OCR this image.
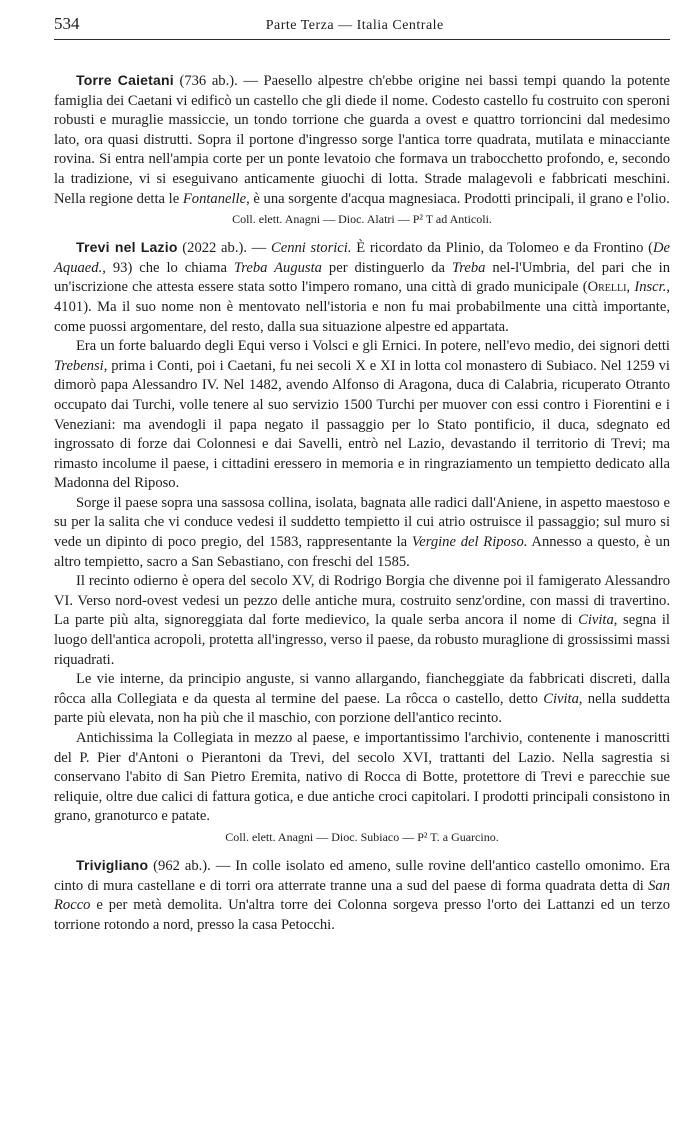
534	Parte Terza — Italia Centrale

Torre Caietani (736 ab.). — Paesello alpestre ch'ebbe origine nei bassi tempi quando la potente famiglia dei Caetani vi edificò un castello che gli diede il nome. Codesto castello fu costruito con speroni robusti e muraglie massiccie, un tondo torrione che guarda a ovest e quattro torrioncini dal medesimo lato, ora quasi distrutti. Sopra il portone d'ingresso sorge l'antica torre quadrata, mutilata e minacciante rovina. Si entra nell'ampia corte per un ponte levatoio che formava un trabocchetto profondo, e, secondo la tradizione, vi si eseguivano anticamente giuochi di lotta. Strade malagevoli e fabbricati meschini. Nella regione detta le Fontanelle, è una sorgente d'acqua magnesiaca. Prodotti principali, il grano e l'olio.

Coll. elett. Anagni — Dioc. Alatri — P² T ad Anticoli.

Trevi nel Lazio (2022 ab.). — Cenni storici. È ricordato da Plinio, da Tolomeo e da Frontino (De Aquaed., 93) che lo chiama Treba Augusta per distinguerlo da Treba nel-l'Umbria, del pari che in un'iscrizione che attesta essere stata sotto l'impero romano, una città di grado municipale (Orelli, Inscr., 4101). Ma il suo nome non è mentovato nell'istoria e non fu mai probabilmente una città importante, come puossi argomentare, del resto, dalla sua situazione alpestre ed appartata.

Era un forte baluardo degli Equi verso i Volsci e gli Ernici. In potere, nell'evo medio, dei signori detti Trebensi, prima i Conti, poi i Caetani, fu nei secoli X e XI in lotta col monastero di Subiaco. Nel 1259 vi dimorò papa Alessandro IV. Nel 1482, avendo Alfonso di Aragona, duca di Calabria, ricuperato Otranto occupato dai Turchi, volle tenere al suo servizio 1500 Turchi per muover con essi contro i Fiorentini e i Veneziani: ma avendogli il papa negato il passaggio per lo Stato pontificio, il duca, sdegnato ed ingrossato di forze dai Colonnesi e dai Savelli, entrò nel Lazio, devastando il territorio di Trevi; ma rimasto incolume il paese, i cittadini eressero in memoria e in ringraziamento un tempietto dedicato alla Madonna del Riposo.

Sorge il paese sopra una sassosa collina, isolata, bagnata alle radici dall'Aniene, in aspetto maestoso e su per la salita che vi conduce vedesi il suddetto tempietto il cui atrio ostruisce il passaggio; sul muro si vede un dipinto di poco pregio, del 1583, rappresentante la Vergine del Riposo. Annesso a questo, è un altro tempietto, sacro a San Sebastiano, con freschi del 1585.

Il recinto odierno è opera del secolo XV, di Rodrigo Borgia che divenne poi il famigerato Alessandro VI. Verso nord-ovest vedesi un pezzo delle antiche mura, costruito senz'ordine, con massi di travertino. La parte più alta, signoreggiata dal forte medievico, la quale serba ancora il nome di Civita, segna il luogo dell'antica acropoli, protetta all'ingresso, verso il paese, da robusto muraglione di grossissimi massi riquadrati.

Le vie interne, da principio anguste, si vanno allargando, fiancheggiate da fabbricati discreti, dalla rôcca alla Collegiata e da questa al termine del paese. La rôcca o castello, detto Civita, nella suddetta parte più elevata, non ha più che il maschio, con porzione dell'antico recinto.

Antichissima la Collegiata in mezzo al paese, e importantissimo l'archivio, contenente i manoscritti del P. Pier d'Antoni o Pierantoni da Trevi, del secolo XVI, trattanti del Lazio. Nella sagrestia si conservano l'abito di San Pietro Eremita, nativo di Rocca di Botte, protettore di Trevi e parecchie sue reliquie, oltre due calici di fattura gotica, e due antiche croci capitolari. I prodotti principali consistono in grano, granoturco e patate.

Coll. elett. Anagni — Dioc. Subiaco — P² T. a Guarcino.

Trivigliano (962 ab.). — In colle isolato ed ameno, sulle rovine dell'antico castello omonimo. Era cinto di mura castellane e di torri ora atterrate tranne una a sud del paese di forma quadrata detta di San Rocco e per metà demolita. Un'altra torre dei Colonna sorgeva presso l'orto dei Lattanzi ed un terzo torrione rotondo a nord, presso la casa Petocchi.
